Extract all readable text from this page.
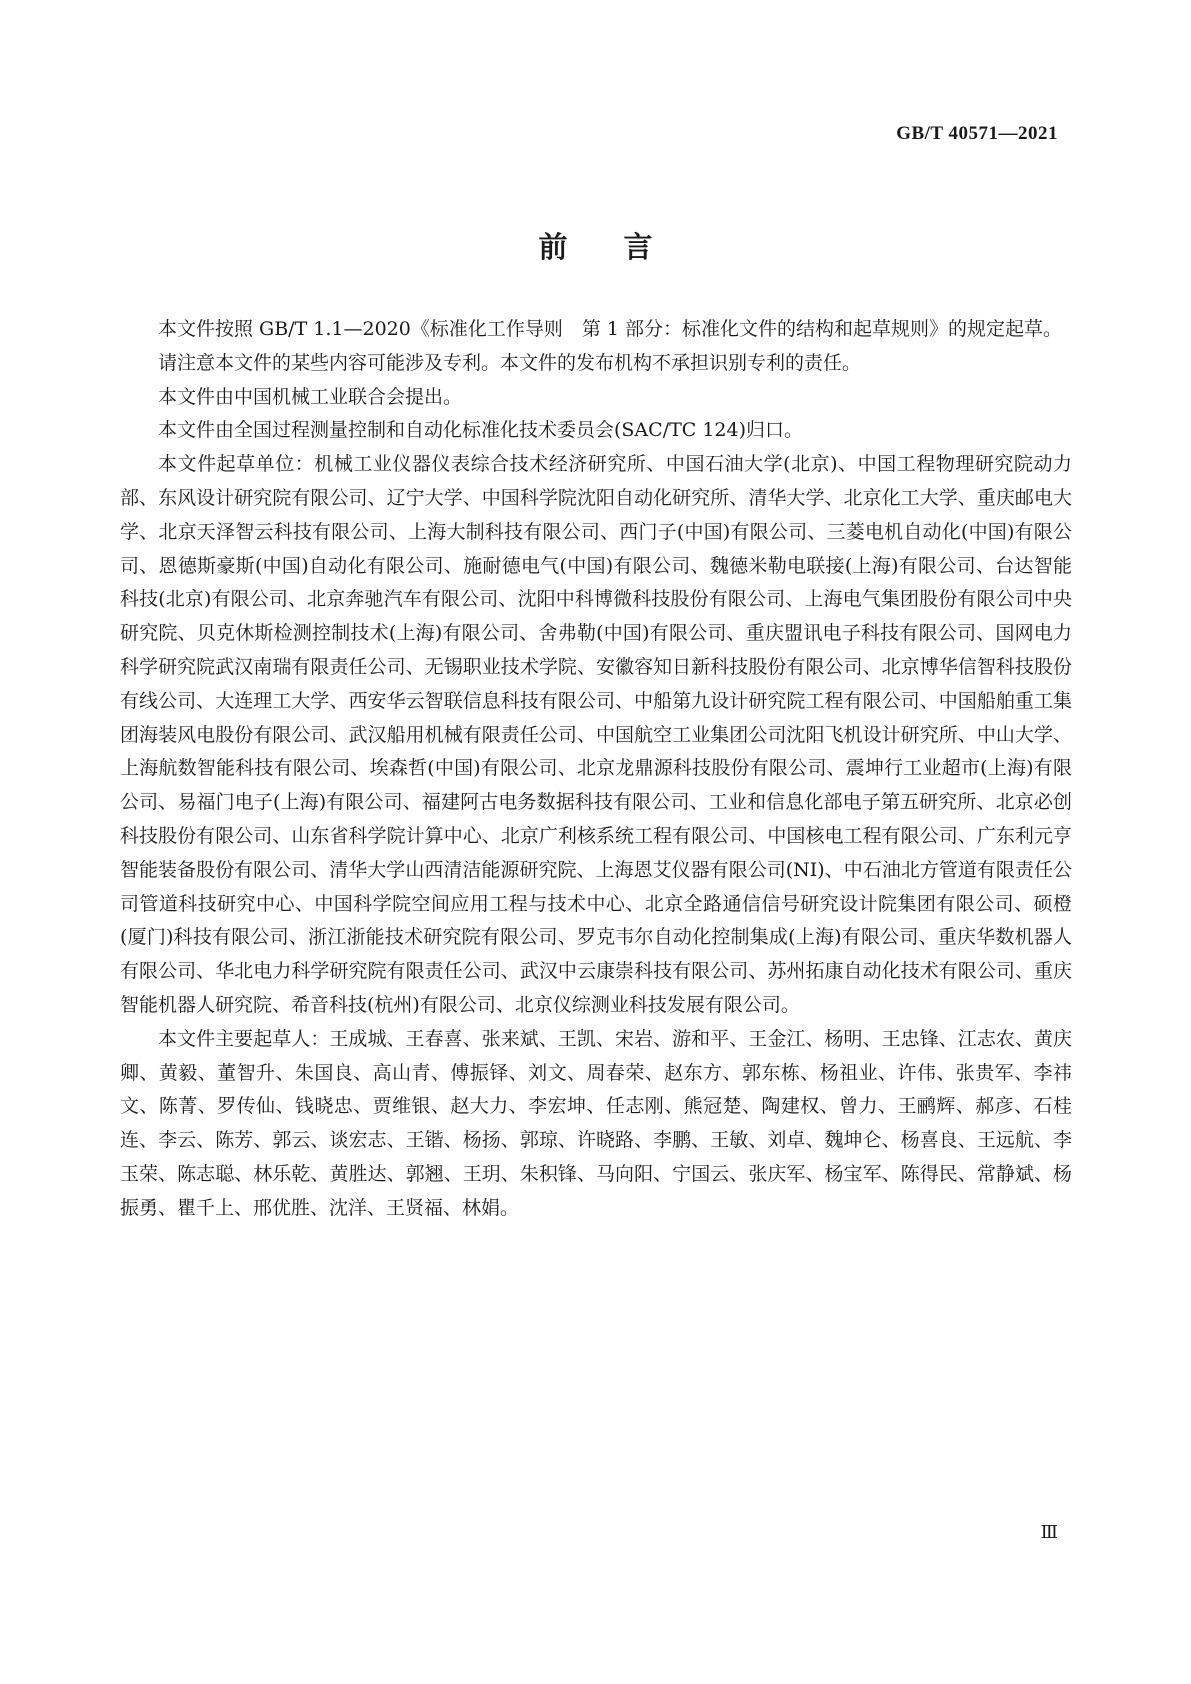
GB/T 40571—2021
前言

本文件按照 GB/T 1.1—2020《标准化工作导则　第 1 部分：标准化文件的结构和起草规则》的规定起草。

请注意本文件的某些内容可能涉及专利。本文件的发布机构不承担识别专利的责任。

本文件由中国机械工业联合会提出。

本文件由全国过程测量控制和自动化标准化技术委员会(SAC/TC 124)归口。

本文件起草单位：机械工业仪器仪表综合技术经济研究所、中国石油大学(北京)、中国工程物理研究院动力部、东风设计研究院有限公司、辽宁大学、中国科学院沈阳自动化研究所、清华大学、北京化工大学、重庆邮电大学、北京天泽智云科技有限公司、上海大制科技有限公司、西门子(中国)有限公司、三菱电机自动化(中国)有限公司、恩德斯豪斯(中国)自动化有限公司、施耐德电气(中国)有限公司、魏德米勒电联接(上海)有限公司、台达智能科技(北京)有限公司、北京奔驰汽车有限公司、沈阳中科博微科技股份有限公司、上海电气集团股份有限公司中央研究院、贝克休斯检测控制技术(上海)有限公司、舍弗勒(中国)有限公司、重庆盟讯电子科技有限公司、国网电力科学研究院武汉南瑞有限责任公司、无锡职业技术学院、安徽容知日新科技股份有限公司、北京博华信智科技股份有线公司、大连理工大学、西安华云智联信息科技有限公司、中船第九设计研究院工程有限公司、中国船舶重工集团海装风电股份有限公司、武汉船用机械有限责任公司、中国航空工业集团公司沈阳飞机设计研究所、中山大学、上海航数智能科技有限公司、埃森哲(中国)有限公司、北京龙鼎源科技股份有限公司、震坤行工业超市(上海)有限公司、易福门电子(上海)有限公司、福建阿古电务数据科技有限公司、工业和信息化部电子第五研究所、北京必创科技股份有限公司、山东省科学院计算中心、北京广利核系统工程有限公司、中国核电工程有限公司、广东利元亨智能装备股份有限公司、清华大学山西清洁能源研究院、上海恩艾仪器有限公司(NI)、中石油北方管道有限责任公司管道科技研究中心、中国科学院空间应用工程与技术中心、北京全路通信信号研究设计院集团有限公司、硕橙(厦门)科技有限公司、浙江浙能技术研究院有限公司、罗克韦尔自动化控制集成(上海)有限公司、重庆华数机器人有限公司、华北电力科学研究院有限责任公司、武汉中云康崇科技有限公司、苏州拓康自动化技术有限公司、重庆智能机器人研究院、希音科技(杭州)有限公司、北京仪综测业科技发展有限公司。

本文件主要起草人：王成城、王春喜、张来斌、王凯、宋岩、游和平、王金江、杨明、王忠锋、江志农、黄庆卿、黄毅、董智升、朱国良、高山青、傅振铎、刘文、周春荣、赵东方、郭东栋、杨祖业、许伟、张贵军、李祎文、陈菁、罗传仙、钱晓忠、贾维银、赵大力、李宏坤、任志刚、熊冠楚、陶建权、曾力、王鹂辉、郝彦、石桂连、李云、陈芳、郭云、谈宏志、王锴、杨扬、郭琼、许晓路、李鹏、王敏、刘卓、魏坤仑、杨喜良、王远航、李玉荣、陈志聪、林乐乾、黄胜达、郭翘、王玥、朱积锋、马向阳、宁国云、张庆军、杨宝军、陈得民、常静斌、杨振勇、瞿千上、邢优胜、沈洋、王贤福、林娟。

Ⅲ
